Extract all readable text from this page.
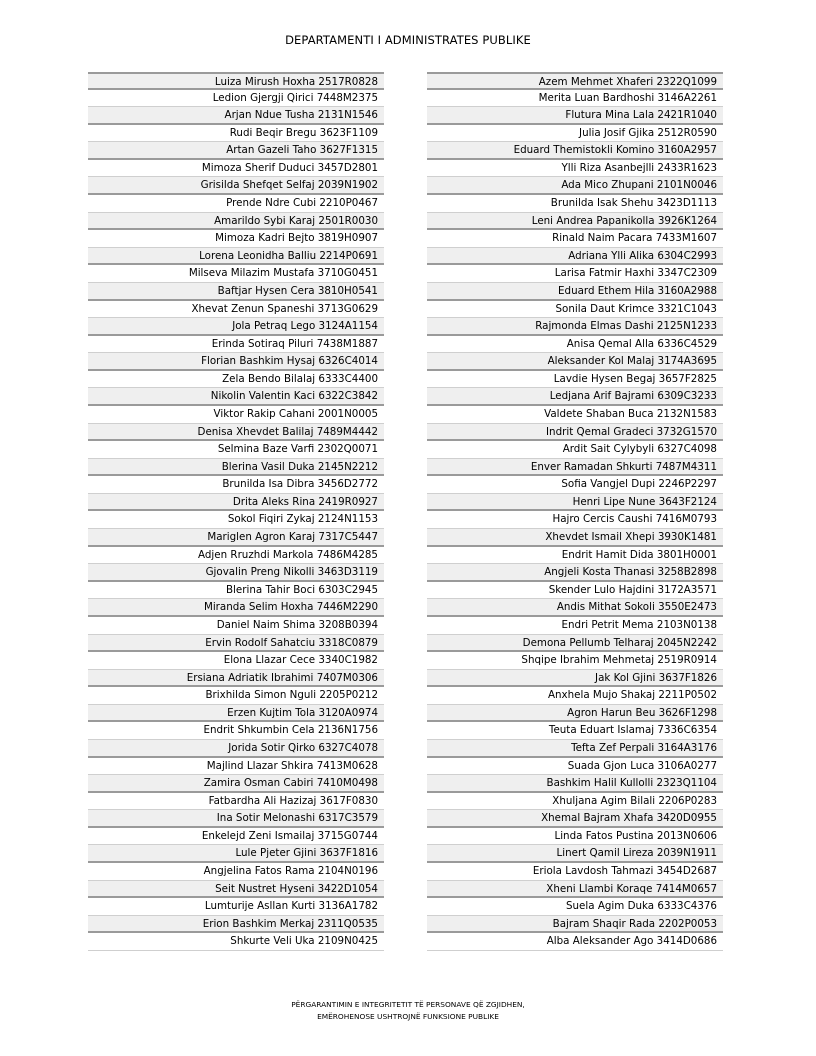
DEPARTAMENTI I ADMINISTRATES PUBLIKE
Luiza Mirush Hoxha 2517R0828
Ledion Gjergji Qirici 7448M2375
Arjan Ndue Tusha 2131N1546
Rudi Beqir Bregu 3623F1109
Artan Gazeli Taho 3627F1315
Mimoza Sherif Duduci 3457D2801
Grisilda Shefqet Selfaj 2039N1902
Prende Ndre Cubi 2210P0467
Amarildo Sybi Karaj 2501R0030
Mimoza Kadri Bejto 3819H0907
Lorena Leonidha Balliu 2214P0691
Milseva Milazim Mustafa 3710G0451
Baftjar Hysen Cera 3810H0541
Xhevat Zenun Spaneshi 3713G0629
Jola Petraq Lego 3124A1154
Erinda Sotiraq Piluri 7438M1887
Florian Bashkim Hysaj 6326C4014
Zela Bendo Bilalaj 6333C4400
Nikolin Valentin Kaci 6322C3842
Viktor Rakip Cahani 2001N0005
Denisa Xhevdet Balilaj 7489M4442
Selmina Baze Varfi 2302Q0071
Blerina Vasil Duka 2145N2212
Brunilda Isa Dibra 3456D2772
Drita Aleks Rina 2419R0927
Sokol Fiqiri Zykaj 2124N1153
Mariglen Agron Karaj 7317C5447
Adjen Rruzhdi Markola 7486M4285
Gjovalin Preng Nikolli 3463D3119
Blerina Tahir Boci 6303C2945
Miranda Selim Hoxha 7446M2290
Daniel Naim Shima 3208B0394
Ervin Rodolf Sahatciu 3318C0879
Elona Llazar Cece 3340C1982
Ersiana Adriatik Ibrahimi 7407M0306
Brixhilda Simon Nguli 2205P0212
Erzen Kujtim Tola 3120A0974
Endrit Shkumbin Cela 2136N1756
Jorida Sotir Qirko 6327C4078
Majlind Llazar Shkira 7413M0628
Zamira Osman Cabiri 7410M0498
Fatbardha Ali Hazizaj 3617F0830
Ina Sotir Melonashi 6317C3579
Enkelejd Zeni Ismailaj 3715G0744
Lule Pjeter Gjini 3637F1816
Angjelina Fatos Rama 2104N0196
Seit Nustret Hyseni 3422D1054
Lumturije Asllan Kurti 3136A1782
Erion Bashkim Merkaj 2311Q0535
Shkurte Veli Uka 2109N0425
Azem Mehmet Xhaferi 2322Q1099
Merita Luan Bardhoshi 3146A2261
Flutura Mina Lala 2421R1040
Julia Josif Gjika 2512R0590
Eduard Themistokli Komino 3160A2957
Ylli Riza Asanbejlli 2433R1623
Ada Mico Zhupani 2101N0046
Brunilda Isak Shehu 3423D1113
Leni Andrea Papanikolla 3926K1264
Rinald Naim Pacara 7433M1607
Adriana Ylli Alika 6304C2993
Larisa Fatmir Haxhi 3347C2309
Eduard Ethem Hila 3160A2988
Sonila Daut Krimce 3321C1043
Rajmonda Elmas Dashi 2125N1233
Anisa Qemal Alla 6336C4529
Aleksander Kol Malaj 3174A3695
Lavdie Hysen Begaj 3657F2825
Ledjana Arif Bajrami 6309C3233
Valdete Shaban Buca 2132N1583
Indrit Qemal Gradeci 3732G1570
Ardit Sait Cylybyli 6327C4098
Enver Ramadan Shkurti 7487M4311
Sofia Vangjel Dupi 2246P2297
Henri Lipe Nune 3643F2124
Hajro Cercis Caushi 7416M0793
Xhevdet Ismail Xhepi 3930K1481
Endrit Hamit Dida 3801H0001
Angjeli Kosta Thanasi 3258B2898
Skender Lulo Hajdini 3172A3571
Andis Mithat Sokoli 3550E2473
Endri Petrit Mema 2103N0138
Demona Pellumb Telharaj 2045N2242
Shqipe Ibrahim Mehmetaj 2519R0914
Jak Kol Gjini 3637F1826
Anxhela Mujo Shakaj 2211P0502
Agron Harun Beu 3626F1298
Teuta Eduart Islamaj 7336C6354
Tefta Zef Perpali 3164A3176
Suada Gjon Luca 3106A0277
Bashkim Halil Kullolli 2323Q1104
Xhuljana Agim Bilali 2206P0283
Xhemal Bajram Xhafa 3420D0955
Linda Fatos Pustina 2013N0606
Linert Qamil Lireza 2039N1911
Eriola Lavdosh Tahmazi 3454D2687
Xheni Llambi Koraqe 7414M0657
Suela Agim Duka 6333C4376
Bajram Shaqir Rada 2202P0053
Alba Aleksander Ago 3414D0686
PËRGARANTIMIN E INTEGRITETIT TË PERSONAVE QË ZGJIDHEN,
EMËROHENOSE USHTROJNË FUNKSIONE PUBLIKE
